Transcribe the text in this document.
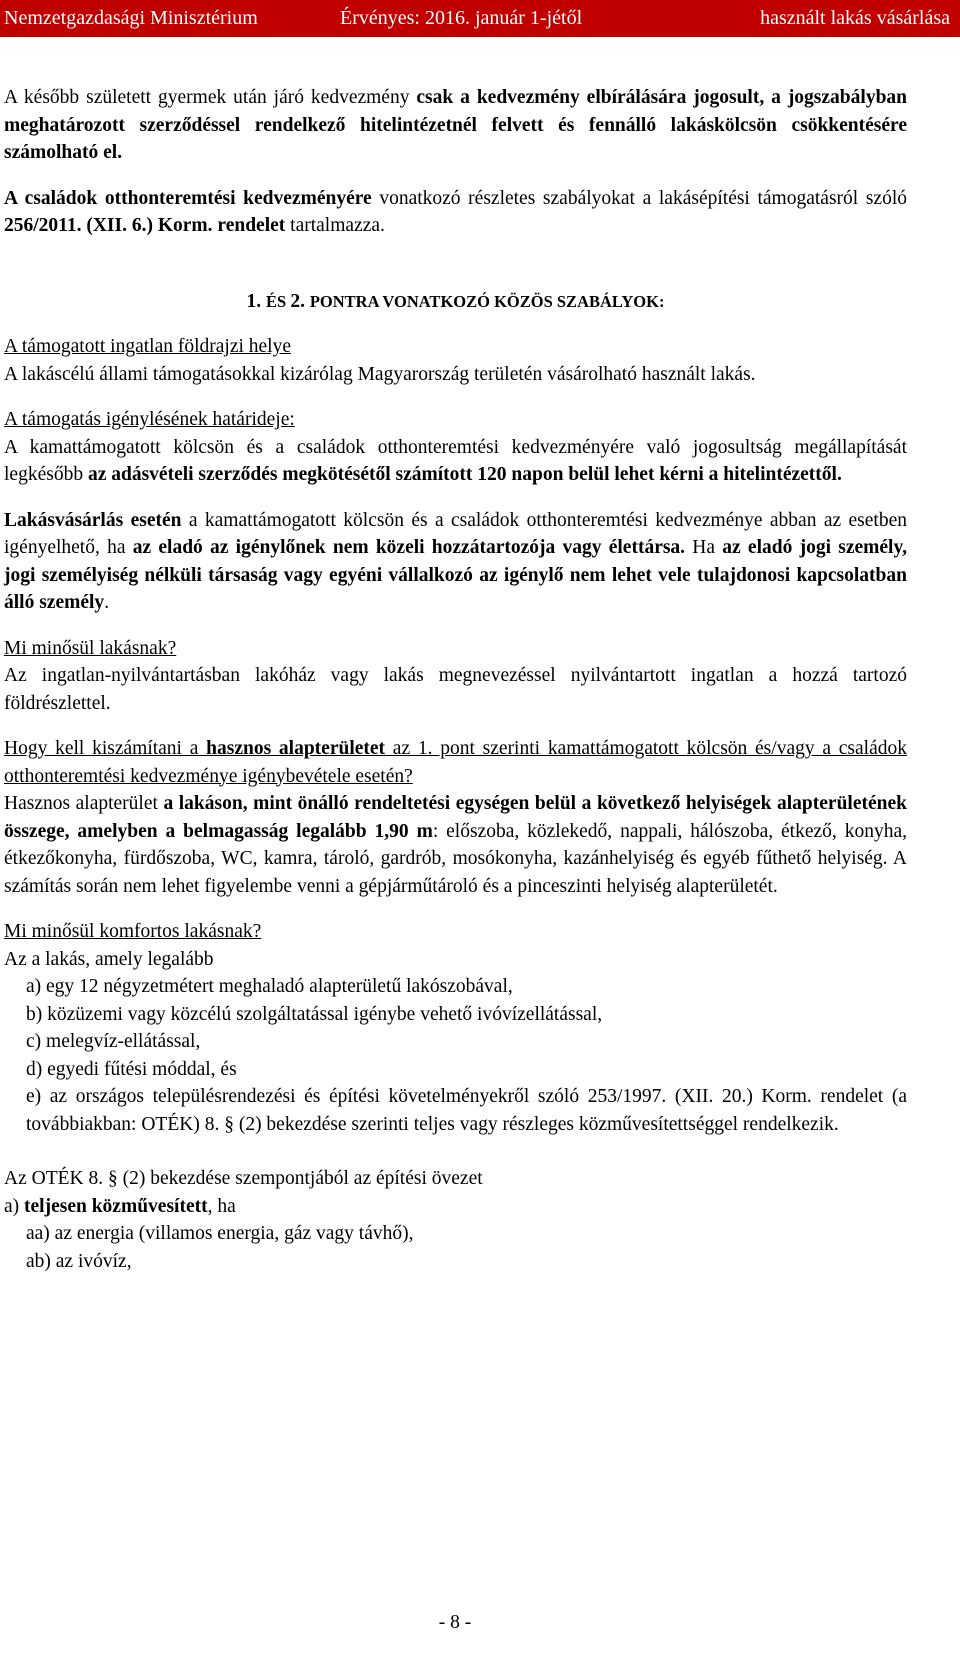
Nemzetgazdasági Minisztérium	Érvényes: 2016. január 1-jétől	használt lakás vásárlása

A később született gyermek után járó kedvezmény csak a kedvezmény elbírálására jogosult, a jogszabályban meghatározott szerződéssel rendelkező hitelintézetnél felvett és fennálló lakáskölcsön csökkentésére számolható el.

A családok otthonteremtési kedvezményére vonatkozó részletes szabályokat a lakásépítési támogatásról szóló 256/2011. (XII. 6.) Korm. rendelet tartalmazza.

1. ÉS 2. PONTRA VONATKOZÓ KÖZÖS SZABÁLYOK:

A támogatott ingatlan földrajzi helye

A lakáscélú állami támogatásokkal kizárólag Magyarország területén vásárolható használt lakás.

A támogatás igénylésének határideje:

A kamattámogatott kölcsön és a családok otthonteremtési kedvezményére való jogosultság megállapítását legkésőbb az adásvételi szerződés megkötésétől számított 120 napon belül lehet kérni a hitelintézettől.

Lakásvásárlás esetén a kamattámogatott kölcsön és a családok otthonteremtési kedvezménye abban az esetben igényelhető, ha az eladó az igénylőnek nem közeli hozzátartozója vagy élettársa. Ha az eladó jogi személy, jogi személyiség nélküli társaság vagy egyéni vállalkozó az igénylő nem lehet vele tulajdonosi kapcsolatban álló személy.

Mi minősül lakásnak?

Az ingatlan-nyilvántartásban lakóház vagy lakás megnevezéssel nyilvántartott ingatlan a hozzá tartozó földrészlettel.

Hogy kell kiszámítani a hasznos alapterületet az 1. pont szerinti kamattámogatott kölcsön és/vagy a családok otthonteremtési kedvezménye igénybevétele esetén?

Hasznos alapterület a lakáson, mint önálló rendeltetési egységen belül a következő helyiségek alapterületének összege, amelyben a belmagasság legalább 1,90 m: előszoba, közlekedő, nappali, hálószoba, étkező, konyha, étkezőkonyha, fürdőszoba, WC, kamra, tároló, gardrób, mosókonyha, kazánhelyiség és egyéb fűthető helyiség. A számítás során nem lehet figyelembe venni a gépjárműtároló és a pinceszinti helyiség alapterületét.

Mi minősül komfortos lakásnak?

Az a lakás, amely legalább

a) egy 12 négyzetmétert meghaladó alapterületű lakószobával,

b) közüzemi vagy közcélú szolgáltatással igénybe vehető ivóvízellátással,

c) melegvíz-ellátással,

d) egyedi fűtési móddal, és

e) az országos településrendezési és építési követelményekről szóló 253/1997. (XII. 20.) Korm. rendelet (a továbbiakban: OTÉK) 8. § (2) bekezdése szerinti teljes vagy részleges közművesítettséggel rendelkezik.

Az OTÉK 8. § (2) bekezdése szempontjából az építési övezet

a) teljesen közművesített, ha

aa) az energia (villamos energia, gáz vagy távhő),

ab) az ivóvíz,

- 8 -
